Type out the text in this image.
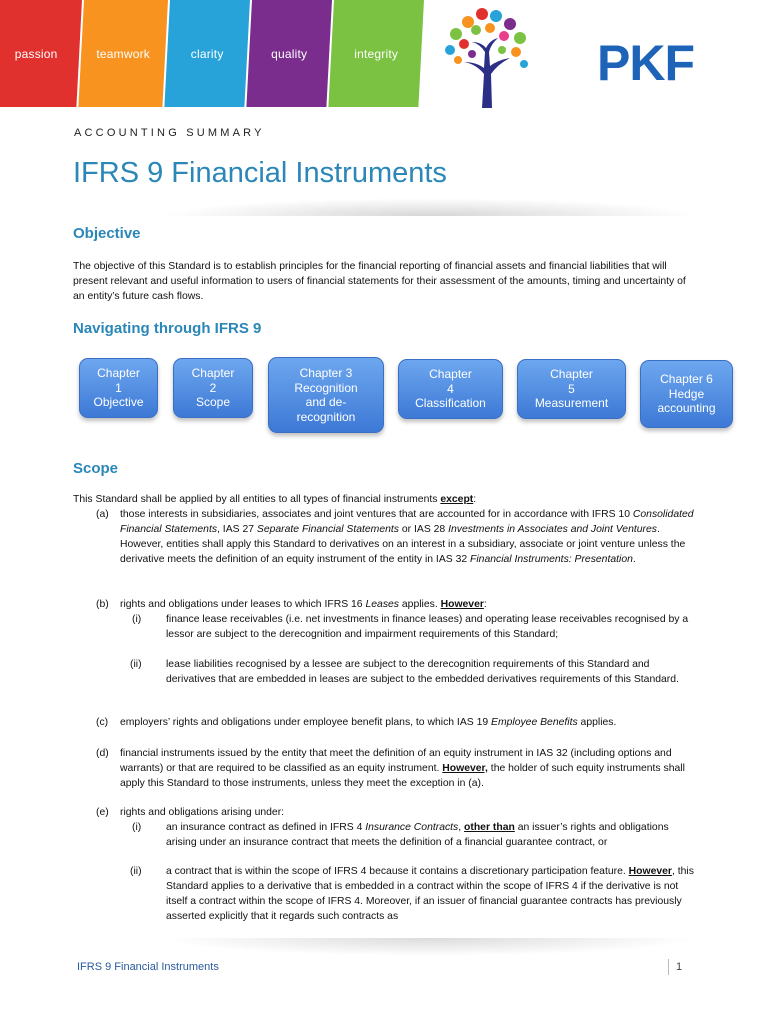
passion	teamwork	clarity	quality	integrity	PKF
ACCOUNTING SUMMARY
IFRS 9 Financial Instruments
Objective
The objective of this Standard is to establish principles for the financial reporting of financial assets and financial liabilities that will present relevant and useful information to users of financial statements for their assessment of the amounts, timing and uncertainty of an entity’s future cash flows.
Navigating through IFRS 9
Chapter
1
Objective
Chapter
2
Scope
Chapter 3
Recognition
and de-
recognition
Chapter
4
Classification
Chapter
5
Measurement
Chapter 6
Hedge
accounting
Scope
This Standard shall be applied by all entities to all types of financial instruments except:
(a) those interests in subsidiaries, associates and joint ventures that are accounted for in accordance with IFRS 10 Consolidated Financial Statements, IAS 27 Separate Financial Statements or IAS 28 Investments in Associates and Joint Ventures. However, entities shall apply this Standard to derivatives on an interest in a subsidiary, associate or joint venture unless the derivative meets the definition of an equity instrument of the entity in IAS 32 Financial Instruments: Presentation.
(b) rights and obligations under leases to which IFRS 16 Leases applies. However:
(i) finance lease receivables (i.e. net investments in finance leases) and operating lease receivables recognised by a lessor are subject to the derecognition and impairment requirements of this Standard;
(ii) lease liabilities recognised by a lessee are subject to the derecognition requirements of this Standard and derivatives that are embedded in leases are subject to the embedded derivatives requirements of this Standard.
(c) employers’ rights and obligations under employee benefit plans, to which IAS 19 Employee Benefits applies.
(d) financial instruments issued by the entity that meet the definition of an equity instrument in IAS 32 (including options and warrants) or that are required to be classified as an equity instrument. However, the holder of such equity instruments shall apply this Standard to those instruments, unless they meet the exception in (a).
(e) rights and obligations arising under:
(i) an insurance contract as defined in IFRS 4 Insurance Contracts, other than an issuer’s rights and obligations arising under an insurance contract that meets the definition of a financial guarantee contract, or
(ii) a contract that is within the scope of IFRS 4 because it contains a discretionary participation feature. However, this Standard applies to a derivative that is embedded in a contract within the scope of IFRS 4 if the derivative is not itself a contract within the scope of IFRS 4. Moreover, if an issuer of financial guarantee contracts has previously asserted explicitly that it regards such contracts as
IFRS 9 Financial Instruments	1
